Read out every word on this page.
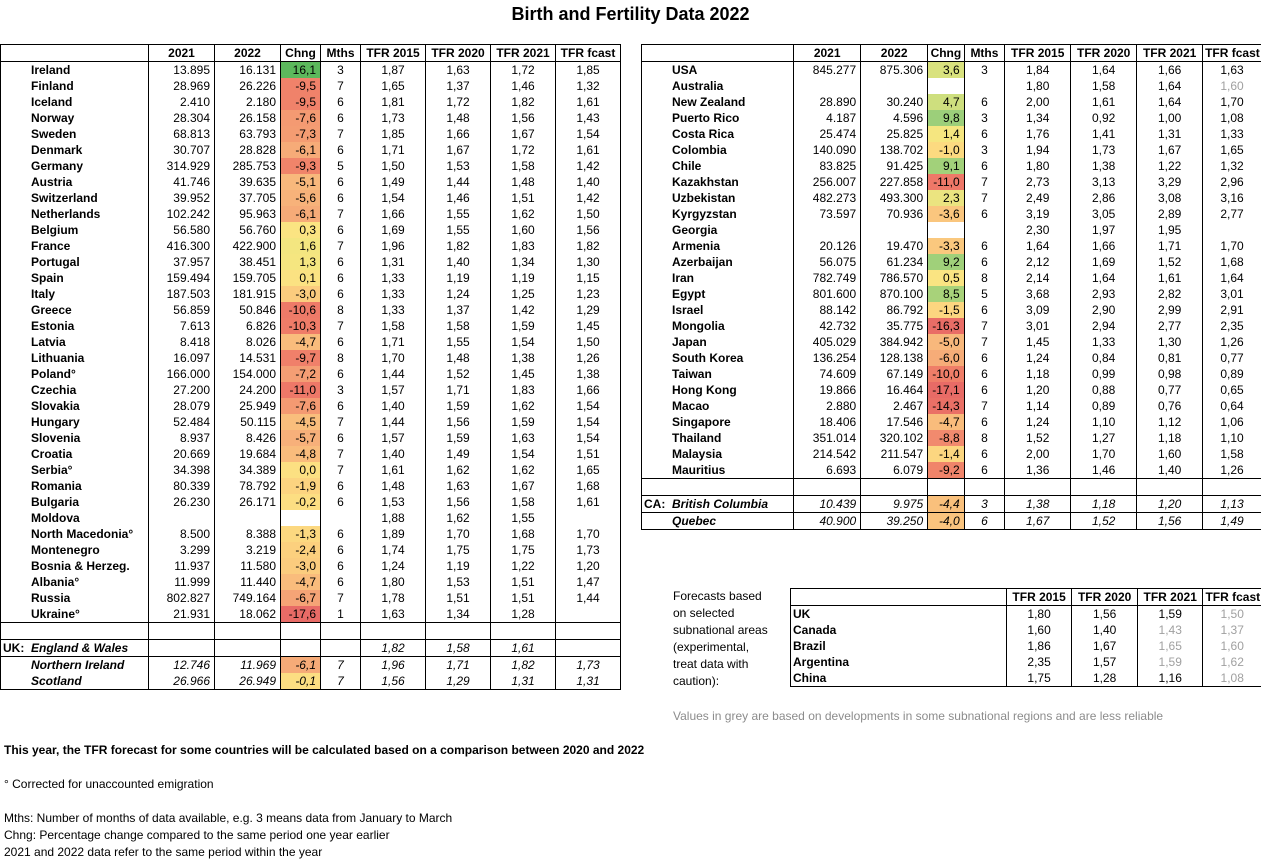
Birth and Fertility Data 2022
	2021	2022	Chng	Mths	TFR 2015	TFR 2020	TFR 2021	TFR fcast
Ireland	13.895	16.131	16,1	3	1,87	1,63	1,72	1,85
Finland	28.969	26.226	-9,5	7	1,65	1,37	1,46	1,32
Iceland	2.410	2.180	-9,5	6	1,81	1,72	1,82	1,61
Norway	28.304	26.158	-7,6	6	1,73	1,48	1,56	1,43
Sweden	68.813	63.793	-7,3	7	1,85	1,66	1,67	1,54
Denmark	30.707	28.828	-6,1	6	1,71	1,67	1,72	1,61
Germany	314.929	285.753	-9,3	5	1,50	1,53	1,58	1,42
Austria	41.746	39.635	-5,1	6	1,49	1,44	1,48	1,40
Switzerland	39.952	37.705	-5,6	6	1,54	1,46	1,51	1,42
Netherlands	102.242	95.963	-6,1	7	1,66	1,55	1,62	1,50
Belgium	56.580	56.760	0,3	6	1,69	1,55	1,60	1,56
France	416.300	422.900	1,6	7	1,96	1,82	1,83	1,82
Portugal	37.957	38.451	1,3	6	1,31	1,40	1,34	1,30
Spain	159.494	159.705	0,1	6	1,33	1,19	1,19	1,15
Italy	187.503	181.915	-3,0	6	1,33	1,24	1,25	1,23
Greece	56.859	50.846	-10,6	8	1,33	1,37	1,42	1,29
Estonia	7.613	6.826	-10,3	7	1,58	1,58	1,59	1,45
Latvia	8.418	8.026	-4,7	6	1,71	1,55	1,54	1,50
Lithuania	16.097	14.531	-9,7	8	1,70	1,48	1,38	1,26
Poland°	166.000	154.000	-7,2	6	1,44	1,52	1,45	1,38
Czechia	27.200	24.200	-11,0	3	1,57	1,71	1,83	1,66
Slovakia	28.079	25.949	-7,6	6	1,40	1,59	1,62	1,54
Hungary	52.484	50.115	-4,5	7	1,44	1,56	1,59	1,54
Slovenia	8.937	8.426	-5,7	6	1,57	1,59	1,63	1,54
Croatia	20.669	19.684	-4,8	7	1,40	1,49	1,54	1,51
Serbia°	34.398	34.389	0,0	7	1,61	1,62	1,62	1,65
Romania	80.339	78.792	-1,9	6	1,48	1,63	1,67	1,68
Bulgaria	26.230	26.171	-0,2	6	1,53	1,56	1,58	1,61
Moldova					1,88	1,62	1,55	
North Macedonia°	8.500	8.388	-1,3	6	1,89	1,70	1,68	1,70
Montenegro	3.299	3.219	-2,4	6	1,74	1,75	1,75	1,73
Bosnia & Herzeg.	11.937	11.580	-3,0	6	1,24	1,19	1,22	1,20
Albania°	11.999	11.440	-4,7	6	1,80	1,53	1,51	1,47
Russia	802.827	749.164	-6,7	7	1,78	1,51	1,51	1,44
Ukraine°	21.931	18.062	-17,6	1	1,63	1,34	1,28	

UK: England & Wales					1,82	1,58	1,61	
Northern Ireland	12.746	11.969	-6,1	7	1,96	1,71	1,82	1,73
Scotland	26.966	26.949	-0,1	7	1,56	1,29	1,31	1,31
	2021	2022	Chng	Mths	TFR 2015	TFR 2020	TFR 2021	TFR fcast
USA	845.277	875.306	3,6	3	1,84	1,64	1,66	1,63
Australia					1,80	1,58	1,64	1,60
New Zealand	28.890	30.240	4,7	6	2,00	1,61	1,64	1,70
Puerto Rico	4.187	4.596	9,8	3	1,34	0,92	1,00	1,08
Costa Rica	25.474	25.825	1,4	6	1,76	1,41	1,31	1,33
Colombia	140.090	138.702	-1,0	3	1,94	1,73	1,67	1,65
Chile	83.825	91.425	9,1	6	1,80	1,38	1,22	1,32
Kazakhstan	256.007	227.858	-11,0	7	2,73	3,13	3,29	2,96
Uzbekistan	482.273	493.300	2,3	7	2,49	2,86	3,08	3,16
Kyrgyzstan	73.597	70.936	-3,6	6	3,19	3,05	2,89	2,77
Georgia					2,30	1,97	1,95	
Armenia	20.126	19.470	-3,3	6	1,64	1,66	1,71	1,70
Azerbaijan	56.075	61.234	9,2	6	2,12	1,69	1,52	1,68
Iran	782.749	786.570	0,5	8	2,14	1,64	1,61	1,64
Egypt	801.600	870.100	8,5	5	3,68	2,93	2,82	3,01
Israel	88.142	86.792	-1,5	6	3,09	2,90	2,99	2,91
Mongolia	42.732	35.775	-16,3	7	3,01	2,94	2,77	2,35
Japan	405.029	384.942	-5,0	7	1,45	1,33	1,30	1,26
South Korea	136.254	128.138	-6,0	6	1,24	0,84	0,81	0,77
Taiwan	74.609	67.149	-10,0	6	1,18	0,99	0,98	0,89
Hong Kong	19.866	16.464	-17,1	6	1,20	0,88	0,77	0,65
Macao	2.880	2.467	-14,3	7	1,14	0,89	0,76	0,64
Singapore	18.406	17.546	-4,7	6	1,24	1,10	1,12	1,06
Thailand	351.014	320.102	-8,8	8	1,52	1,27	1,18	1,10
Malaysia	214.542	211.547	-1,4	6	2,00	1,70	1,60	1,58
Mauritius	6.693	6.079	-9,2	6	1,36	1,46	1,40	1,26

CA: British Columbia	10.439	9.975	-4,4	3	1,38	1,18	1,20	1,13
Quebec	40.900	39.250	-4,0	6	1,67	1,52	1,56	1,49
Forecasts based
on selected
subnational areas
(experimental,
treat data with
caution):
	TFR 2015	TFR 2020	TFR 2021	TFR fcast
UK	1,80	1,56	1,59	1,50
Canada	1,60	1,40	1,43	1,37
Brazil	1,86	1,67	1,65	1,60
Argentina	2,35	1,57	1,59	1,62
China	1,75	1,28	1,16	1,08
Values in grey are based on developments in some subnational regions and are less reliable
This year, the TFR forecast for some countries will be calculated based on a comparison between 2020 and 2022
° Corrected for unaccounted emigration
Mths: Number of months of data available, e.g. 3 means data from January to March
Chng: Percentage change compared to the same period one year earlier
2021 and 2022 data refer to the same period within the year
